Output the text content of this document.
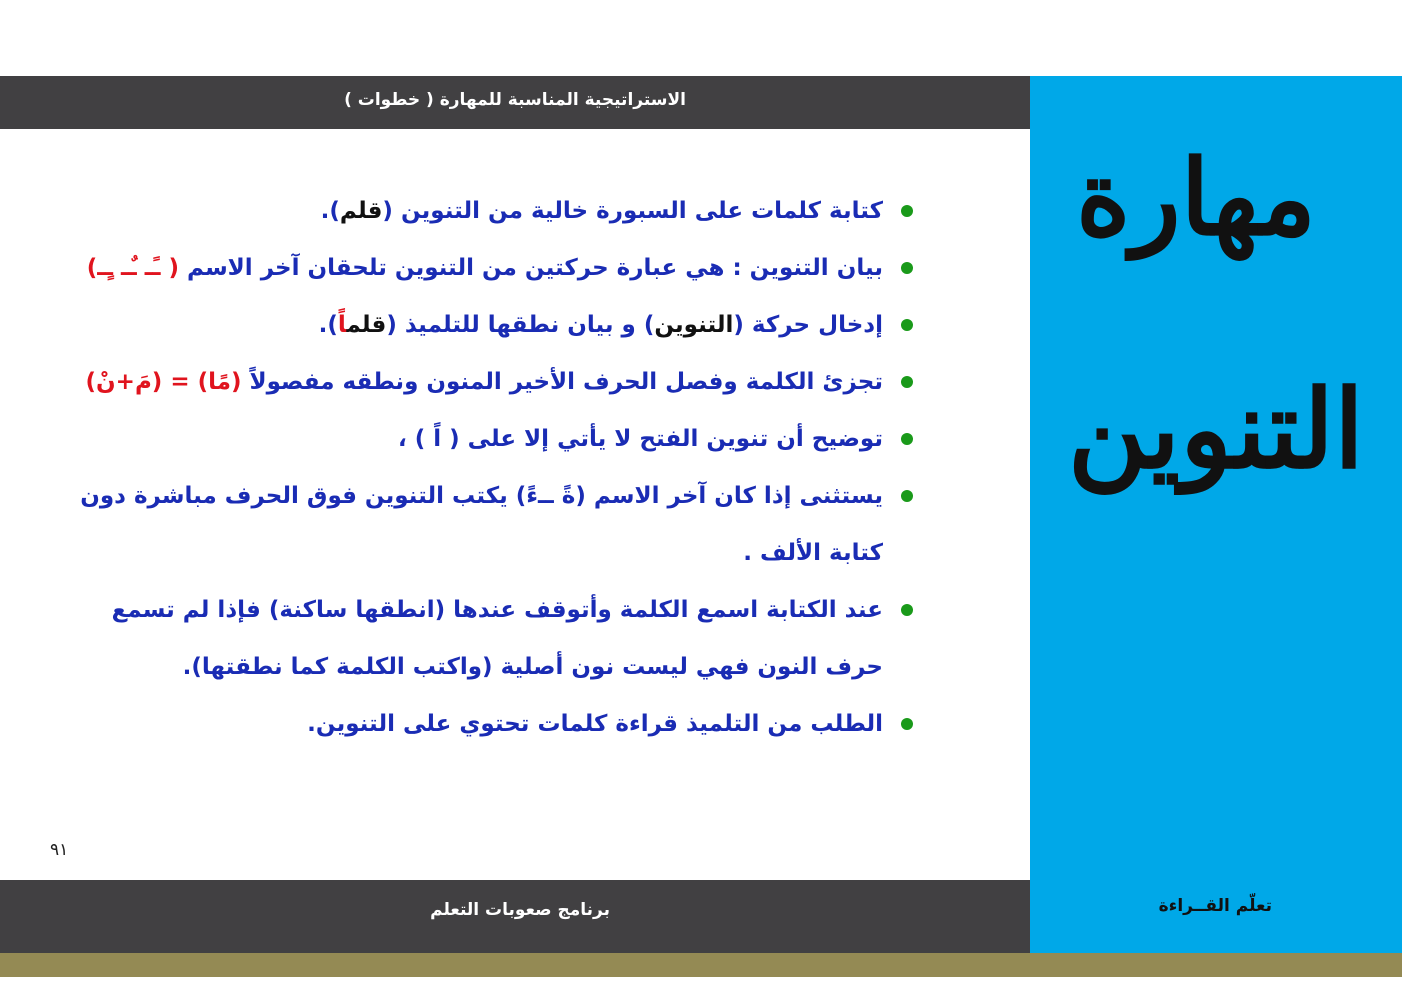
الاستراتيجية المناسبة للمهارة ( خطوات )
كتابة كلمات على السبورة خالية من التنوين (قلم).
بيان التنوين : هي عبارة حركتين من التنوين تلحقان آخر الاسم ( ـًـ ـٌـ ـٍـ)
إدخال حركة (التنوين) و بيان نطقها للتلميذ (قلماً).
تجزئ الكلمة وفصل الحرف الأخير المنون ونطقه مفصولاً (مًا) = (مَ+نْ)
توضيح أن تنوين الفتح لا يأتي إلا على ( اً ) ،
يستثنى إذا كان آخر الاسم (ةً ــءً) يكتب التنوين فوق الحرف مباشرة دون كتابة الألف .
عند الكتابة اسمع الكلمة وأتوقف عندها (انطقها ساكنة) فإذا لم تسمع حرف النون فهي ليست نون أصلية (واكتب الكلمة كما نطقتها).
الطلب من التلميذ قراءة كلمات تحتوي على التنوين.
٩١
مهارة
التنوين
تعلّم القــراءة
برنامج صعوبات التعلم
